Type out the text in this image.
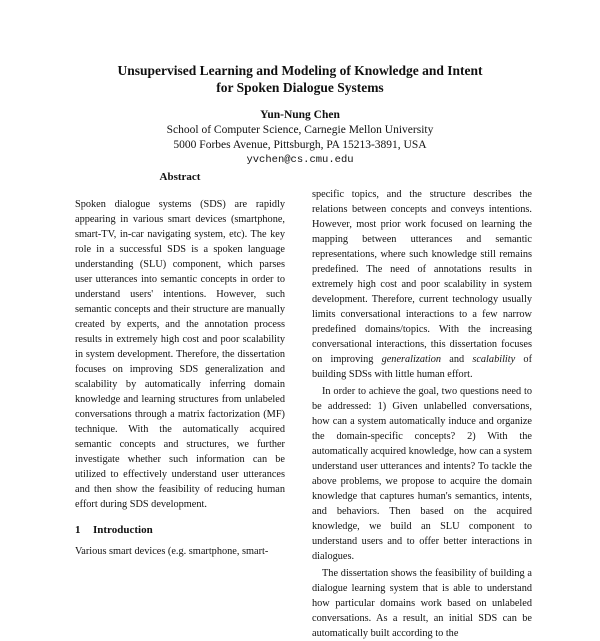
Unsupervised Learning and Modeling of Knowledge and Intent
for Spoken Dialogue Systems
Yun-Nung Chen
School of Computer Science, Carnegie Mellon University
5000 Forbes Avenue, Pittsburgh, PA 15213-3891, USA
yvchen@cs.cmu.edu
Abstract

Spoken dialogue systems (SDS) are rapidly appearing in various smart devices (smartphone, smart-TV, in-car navigating system, etc). The key role in a successful SDS is a spoken language understanding (SLU) component, which parses user utterances into semantic concepts in order to understand users' intentions. However, such semantic concepts and their structure are manually created by experts, and the annotation process results in extremely high cost and poor scalability in system development. Therefore, the dissertation focuses on improving SDS generalization and scalability by automatically inferring domain knowledge and learning structures from unlabeled conversations through a matrix factorization (MF) technique. With the automatically acquired semantic concepts and structures, we further investigate whether such information can be utilized to effectively understand user utterances and then show the feasibility of reducing human effort during SDS development.

1 Introduction

Various smart devices (e.g. smartphone, smart-

specific topics, and the structure describes the relations between concepts and conveys intentions. However, most prior work focused on learning the mapping between utterances and semantic representations, where such knowledge still remains predefined. The need of annotations results in extremely high cost and poor scalability in system development. Therefore, current technology usually limits conversational interactions to a few narrow predefined domains/topics. With the increasing conversational interactions, this dissertation focuses on improving generalization and scalability of building SDSs with little human effort.

In order to achieve the goal, two questions need to be addressed: 1) Given unlabelled conversations, how can a system automatically induce and organize the domain-specific concepts? 2) With the automatically acquired knowledge, how can a system understand user utterances and intents? To tackle the above problems, we propose to acquire the domain knowledge that captures human's semantics, intents, and behaviors. Then based on the acquired knowledge, we build an SLU component to understand users and to offer better interactions in dialogues.

The dissertation shows the feasibility of building a dialogue learning system that is able to understand how particular domains work based on unlabeled conversations. As a result, an initial SDS can be automatically built according to the
